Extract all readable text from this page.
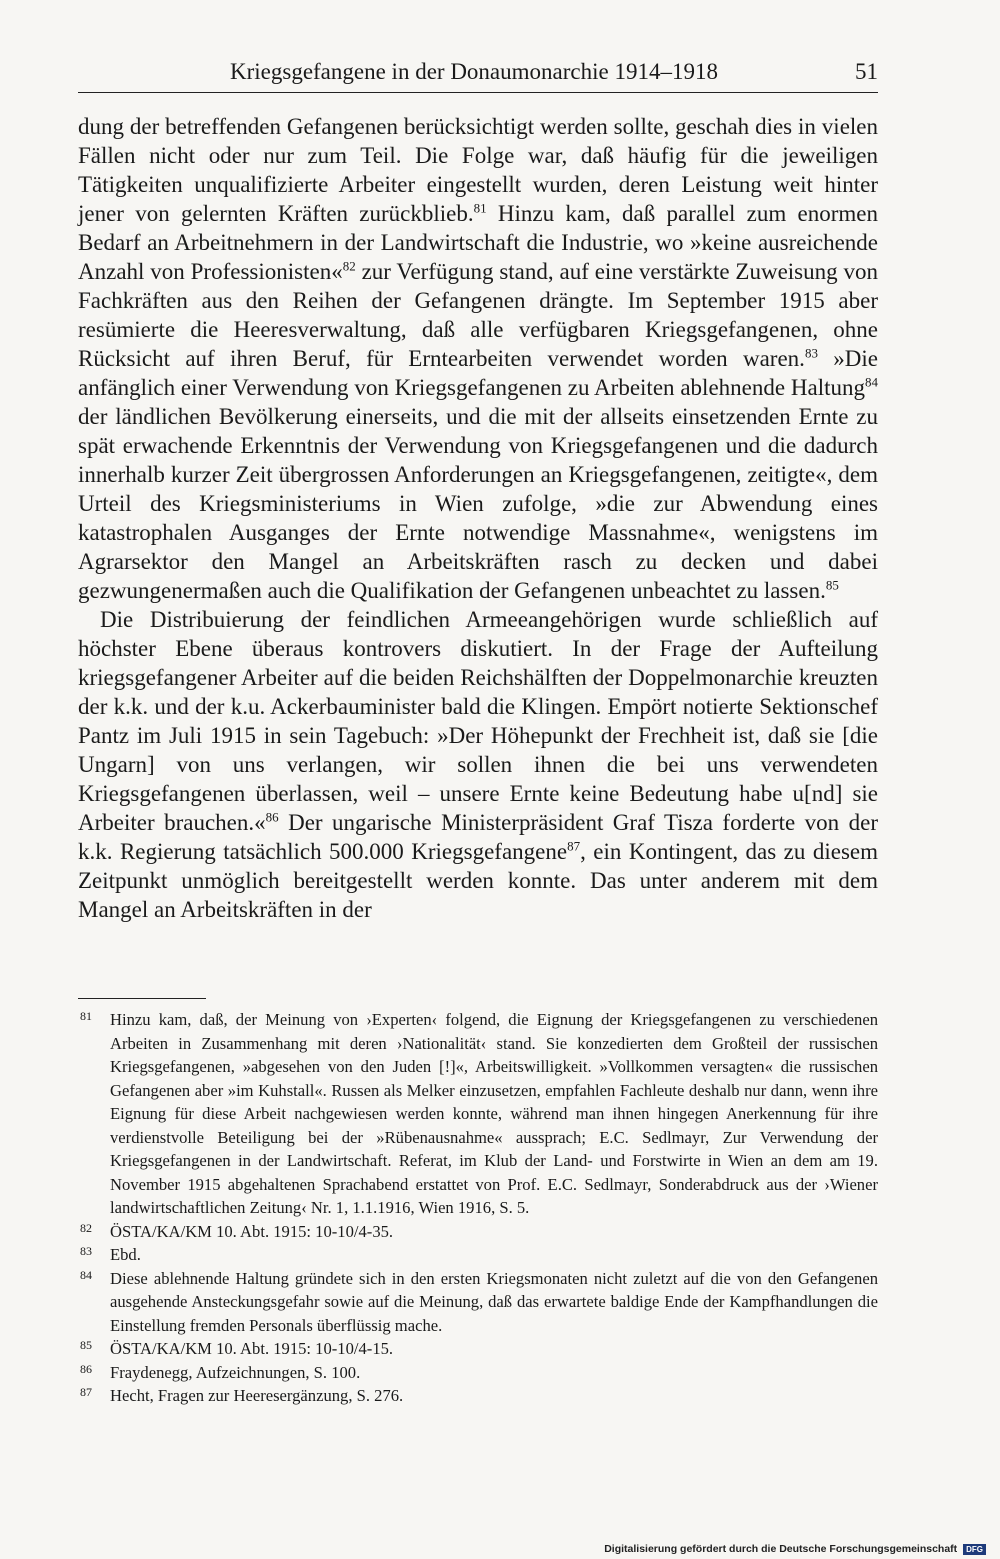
Kriegsgefangene in der Donaumonarchie 1914–1918	51

dung der betreffenden Gefangenen berücksichtigt werden sollte, geschah dies in vielen Fällen nicht oder nur zum Teil. Die Folge war, daß häufig für die jeweiligen Tätigkeiten unqualifizierte Arbeiter eingestellt wurden, deren Leistung weit hinter jener von gelernten Kräften zurückblieb.$^{81}$ Hinzu kam, daß parallel zum enormen Bedarf an Arbeitnehmern in der Landwirtschaft die Industrie, wo »keine ausreichende Anzahl von Professionisten«$^{82}$ zur Verfügung stand, auf eine verstärkte Zuweisung von Fachkräften aus den Reihen der Gefangenen drängte. Im September 1915 aber resümierte die Heeresverwaltung, daß alle verfügbaren Kriegsgefangenen, ohne Rücksicht auf ihren Beruf, für Erntearbeiten verwendet worden waren.$^{83}$ »Die anfänglich einer Verwendung von Kriegsgefangenen zu Arbeiten ablehnende Haltung$^{84}$ der ländlichen Bevölkerung einerseits, und die mit der allseits einsetzenden Ernte zu spät erwachende Erkenntnis der Verwendung von Kriegsgefangenen und die dadurch innerhalb kurzer Zeit übergrossen Anforderungen an Kriegsgefangenen, zeitigte«, dem Urteil des Kriegsministeriums in Wien zufolge, »die zur Abwendung eines katastrophalen Ausganges der Ernte notwendige Massnahme«, wenigstens im Agrarsektor den Mangel an Arbeitskräften rasch zu decken und dabei gezwungenermaßen auch die Qualifikation der Gefangenen unbeachtet zu lassen.$^{85}$

Die Distribuierung der feindlichen Armeeangehörigen wurde schließlich auf höchster Ebene überaus kontrovers diskutiert. In der Frage der Aufteilung kriegsgefangener Arbeiter auf die beiden Reichshälften der Doppelmonarchie kreuzten der k.k. und der k.u. Ackerbauminister bald die Klingen. Empört notierte Sektionschef Pantz im Juli 1915 in sein Tagebuch: »Der Höhepunkt der Frechheit ist, daß sie [die Ungarn] von uns verlangen, wir sollen ihnen die bei uns verwendeten Kriegsgefangenen überlassen, weil – unsere Ernte keine Bedeutung habe u[nd] sie Arbeiter brauchen.«$^{86}$ Der ungarische Ministerpräsident Graf Tisza forderte von der k.k. Regierung tatsächlich 500.000 Kriegsgefangene$^{87}$, ein Kontingent, das zu diesem Zeitpunkt unmöglich bereitgestellt werden konnte. Das unter anderem mit dem Mangel an Arbeitskräften in der

81 Hinzu kam, daß, der Meinung von ›Experten‹ folgend, die Eignung der Kriegsgefangenen zu verschiedenen Arbeiten in Zusammenhang mit deren ›Nationalität‹ stand. Sie konzedierten dem Großteil der russischen Kriegsgefangenen, »abgesehen von den Juden [!]«, Arbeitswilligkeit. »Vollkommen versagten« die russischen Gefangenen aber »im Kuhstall«. Russen als Melker einzusetzen, empfahlen Fachleute deshalb nur dann, wenn ihre Eignung für diese Arbeit nachgewiesen werden konnte, während man ihnen hingegen Anerkennung für ihre verdienstvolle Beteiligung bei der »Rübenausnahme« aussprach; E.C. Sedlmayr, Zur Verwendung der Kriegsgefangenen in der Landwirtschaft. Referat, im Klub der Land- und Forstwirte in Wien an dem am 19. November 1915 abgehaltenen Sprachabend erstattet von Prof. E.C. Sedlmayr, Sonderabdruck aus der ›Wiener landwirtschaftlichen Zeitung‹ Nr. 1, 1.1.1916, Wien 1916, S. 5.
82 ÖSTA/KA/KM 10. Abt. 1915: 10-10/4-35.
83 Ebd.
84 Diese ablehnende Haltung gründete sich in den ersten Kriegsmonaten nicht zuletzt auf die von den Gefangenen ausgehende Ansteckungsgefahr sowie auf die Meinung, daß das erwartete baldige Ende der Kampfhandlungen die Einstellung fremden Personals überflüssig mache.
85 ÖSTA/KA/KM 10. Abt. 1915: 10-10/4-15.
86 Fraydenegg, Aufzeichnungen, S. 100.
87 Hecht, Fragen zur Heeresergänzung, S. 276.
Digitalisierung gefördert durch die Deutsche Forschungsgemeinschaft DFG
